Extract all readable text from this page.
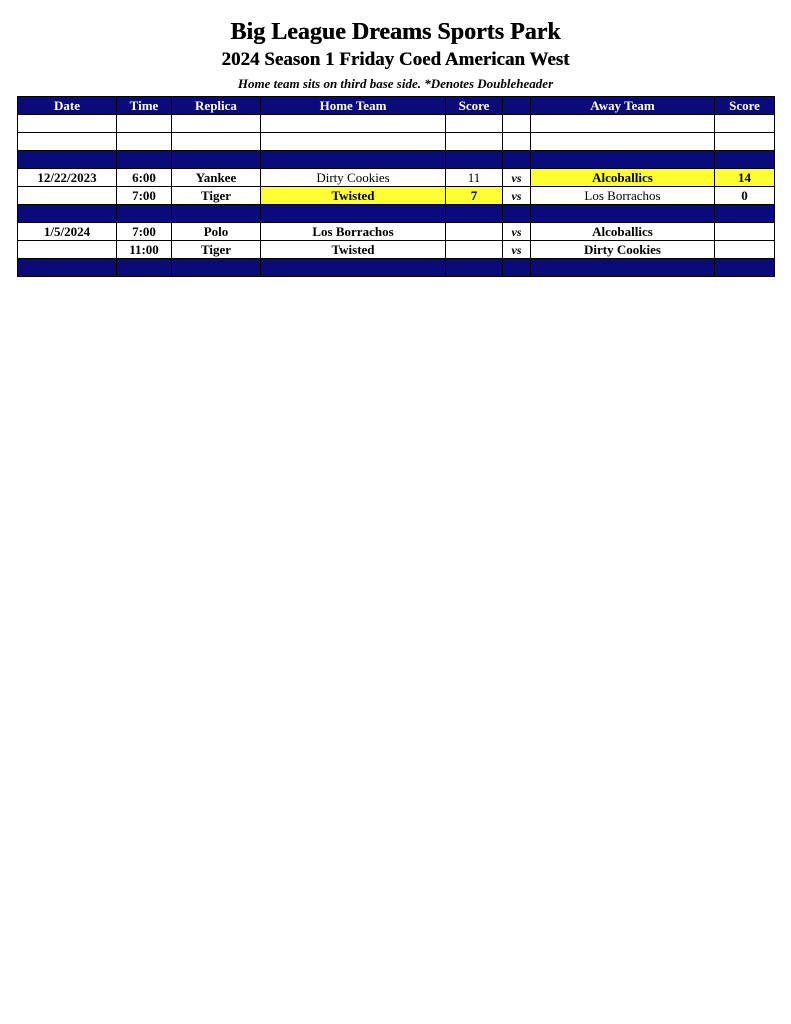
Big League Dreams Sports Park
2024 Season 1 Friday Coed American West
Home team sits on third base side. *Denotes Doubleheader
Date	Time	Replica	Home Team	Score		Away Team	Score

12/22/2023	6:00	Yankee	Dirty Cookies	11	vs	Alcoballics	14
	7:00	Tiger	Twisted	7	vs	Los Borrachos	0

1/5/2024	7:00	Polo	Los Borrachos		vs	Alcoballics	
	11:00	Tiger	Twisted		vs	Dirty Cookies	
